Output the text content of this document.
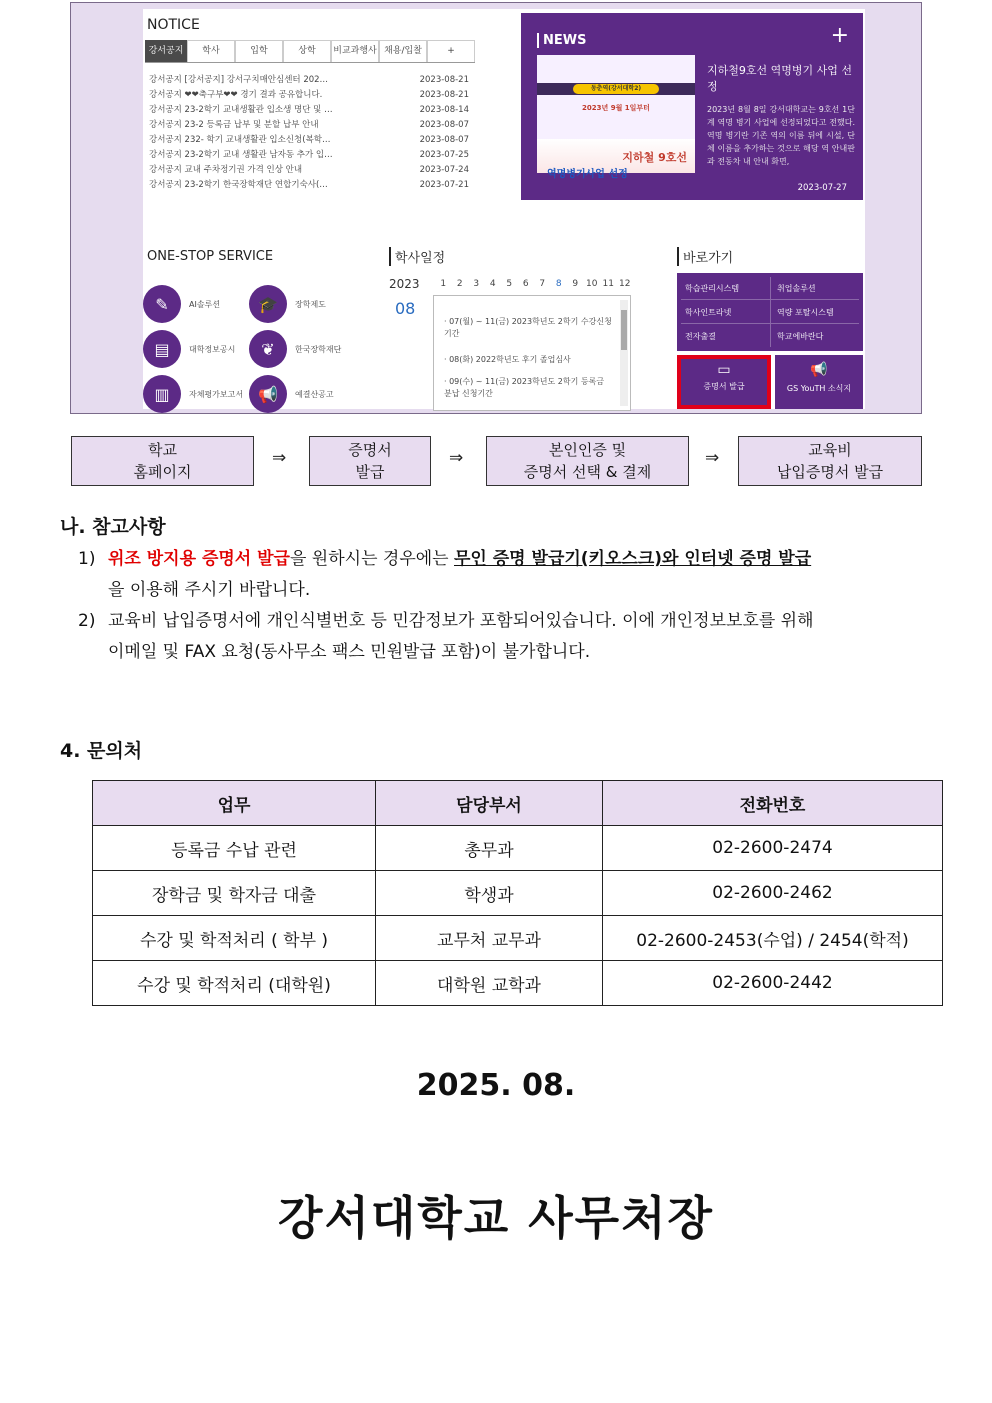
NOTICE
강서공지	학사	입학	상학	비교과행사 채용/입찰	+
강서공지 [강서공지] 강서구치매안심센터 202…	2023-08-21
강서공지 ❤❤축구부❤❤ 경기 결과 공유합니다.	2023-08-21
강서공지 23-2학기 교내생활관 입소생 명단 및 …	2023-08-14
강서공지 23-2 등록금 납부 및 분할 납부 안내	2023-08-07
강서공지 232- 학기 교내생활관 입소신청(복학…	2023-08-07
강서공지 23-2학기 교내 생활관 남자동 추가 입…	2023-07-25
강서공지 교내 주차정기권 가격 인상 안내	2023-07-24
강서공지 23-2학기 한국장학재단 연합기숙사(…	2023-07-21
NEWS	+
동춘역(강서대학2)
2023년 9월 1일부터
지하철 9호선
역명병기사업 선정
지하철9호선 역명병기 사업 선정
2023년 8월 8일 강서대학교는 9호선 1단계 역명 병기 사업에 선정되었다고 전했다. 역명 병기란 기존 역의 이름 뒤에 시설, 단체 이름을 추가하는 것으로 해당 역 안내판과 전동차 내 안내 화면,
2023-07-27
ONE-STOP SERVICE
✎	AI솔루션	🎓	장학제도
▤	대학정보공시	❦	한국장학재단
▥	자체평가보고서 📢	예결산공고
학사일정
2023
08
1	2	3	4	5	6	7	8	9 10 11 12
· 07(월) ~ 11(금) 2023학년도 2학기 수강신청기간
· 08(화) 2022학년도 후기 졸업심사
· 09(수) ~ 11(금) 2023학년도 2학기 등록금 분납 신청기간
바로가기
학습관리시스템	취업솔루션
학사인트라넷	역량 포탈시스템
전자출결	학교에바란다
▭
증명서 발급
📢
GS YouTH 소식지
학교
홈페이지
⇒	증명서
발급
⇒	본인인증 및
증명서 선택 & 결제
⇒	교육비
납입증명서 발급
나. 참고사항
1) 위조 방지용 증명서 발급을 원하시는 경우에는 무인 증명 발급기(키오스크)와 인터넷 증명 발급
을 이용해 주시기 바랍니다.
2) 교육비 납입증명서에 개인식별번호 등 민감정보가 포함되어있습니다. 이에 개인정보보호를 위해
이메일 및 FAX 요청(동사무소 팩스 민원발급 포함)이 불가합니다.
4. 문의처
업무	담당부서	전화번호
등록금 수납 관련	총무과	02-2600-2474
장학금 및 학자금 대출	학생과	02-2600-2462
수강 및 학적처리 ( 학부 )	교무처 교무과	02-2600-2453(수업) / 2454(학적)
수강 및 학적처리 (대학원)	대학원 교학과	02-2600-2442
2025. 08.
강서대학교 사무처장
